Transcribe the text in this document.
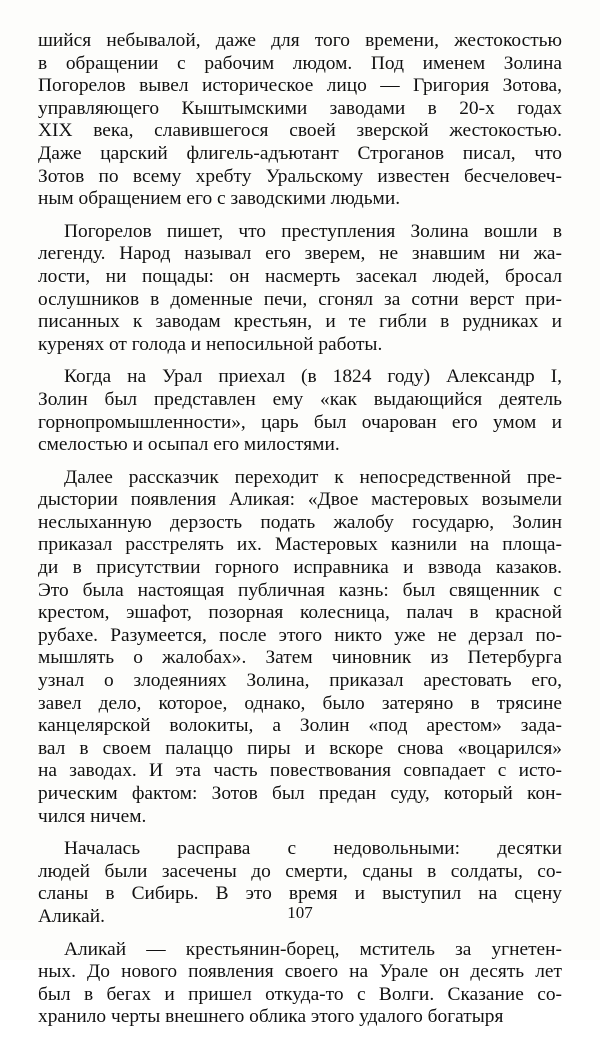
шийся небывалой, даже для того времени, жестокостью
в обращении с рабочим людом. Под именем Золина
Погорелов вывел историческое лицо — Григория Зотова,
управляющего Кыштымскими заводами в 20-х годах
XIX века, славившегося своей зверской жестокостью.
Даже царский флигель-адъютант Строганов писал, что
Зотов по всему хребту Уральскому известен бесчеловеч-
ным обращением его с заводскими людьми.
Погорелов пишет, что преступления Золина вошли в
легенду. Народ называл его зверем, не знавшим ни жа-
лости, ни пощады: он насмерть засекал людей, бросал
ослушников в доменные печи, сгонял за сотни верст при-
писанных к заводам крестьян, и те гибли в рудниках и
куренях от голода и непосильной работы.
Когда на Урал приехал (в 1824 году) Александр I,
Золин был представлен ему «как выдающийся деятель
горнопромышленности», царь был очарован его умом и
смелостью и осыпал его милостями.
Далее рассказчик переходит к непосредственной пре-
дыстории появления Аликая: «Двое мастеровых возымели
неслыханную дерзость подать жалобу государю, Золин
приказал расстрелять их. Мастеровых казнили на площа-
ди в присутствии горного исправника и взвода казаков.
Это была настоящая публичная казнь: был священник с
крестом, эшафот, позорная колесница, палач в красной
рубахе. Разумеется, после этого никто уже не дерзал по-
мышлять о жалобах». Затем чиновник из Петербурга
узнал о злодеяниях Золина, приказал арестовать его,
завел дело, которое, однако, было затеряно в трясине
канцелярской волокиты, а Золин «под арестом» зада-
вал в своем палаццо пиры и вскоре снова «воцарился»
на заводах. И эта часть повествования совпадает с исто-
рическим фактом: Зотов был предан суду, который кон-
чился ничем.
Началась расправа с недовольными: десятки
людей были засечены до смерти, сданы в солдаты, со-
сланы в Сибирь. В это время и выступил на сцену
Аликай.
Аликай — крестьянин-борец, мститель за угнетен-
ных. До нового появления своего на Урале он десять лет
был в бегах и пришел откуда-то с Волги. Сказание со-
хранило черты внешнего облика этого удалого богатыря
107
